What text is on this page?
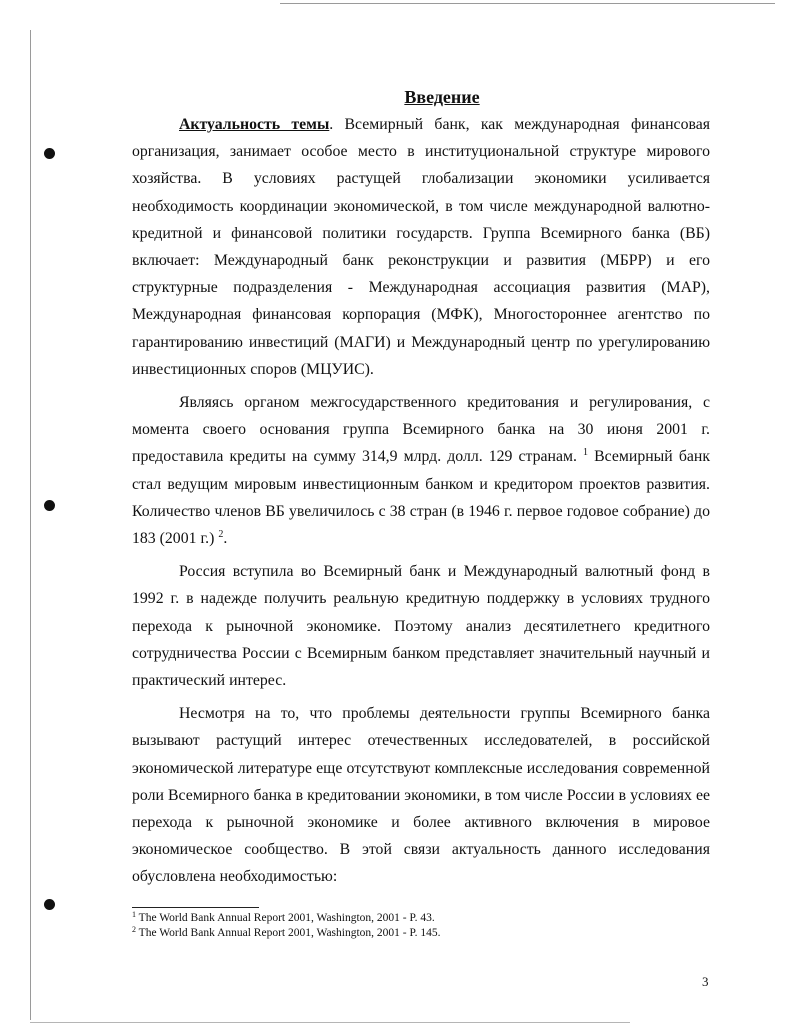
Введение

Актуальность темы. Всемирный банк, как международная финансовая организация, занимает особое место в институциональной структуре мирового хозяйства. В условиях растущей глобализации экономики усиливается необходимость координации экономической, в том числе международной валютно-кредитной и финансовой политики государств. Группа Всемирного банка (ВБ) включает: Международный банк реконструкции и развития (МБРР) и его структурные подразделения - Международная ассоциация развития (МАР), Международная финансовая корпорация (МФК), Многостороннее агентство по гарантированию инвестиций (МАГИ) и Международный центр по урегулированию инвестиционных споров (МЦУИС).

Являясь органом межгосударственного кредитования и регулирования, с момента своего основания группа Всемирного банка на 30 июня 2001 г. предоставила кредиты на сумму 314,9 млрд. долл. 129 странам. $^1$ Всемирный банк стал ведущим мировым инвестиционным банком и кредитором проектов развития. Количество членов ВБ увеличилось с 38 стран (в 1946 г. первое годовое собрание) до 183 (2001 г.) $^2$.

Россия вступила во Всемирный банк и Международный валютный фонд в 1992 г. в надежде получить реальную кредитную поддержку в условиях трудного перехода к рыночной экономике. Поэтому анализ десятилетнего кредитного сотрудничества России с Всемирным банком представляет значительный научный и практический интерес.

Несмотря на то, что проблемы деятельности группы Всемирного банка вызывают растущий интерес отечественных исследователей, в российской экономической литературе еще отсутствуют комплексные исследования современной роли Всемирного банка в кредитовании экономики, в том числе России в условиях ее перехода к рыночной экономике и более активного включения в мировое экономическое сообщество. В этой связи актуальность данного исследования обусловлена необходимостью:

$^1$ The World Bank Annual Report 2001, Washington, 2001 - P. 43.

$^2$ The World Bank Annual Report 2001, Washington, 2001 - P. 145.

3
